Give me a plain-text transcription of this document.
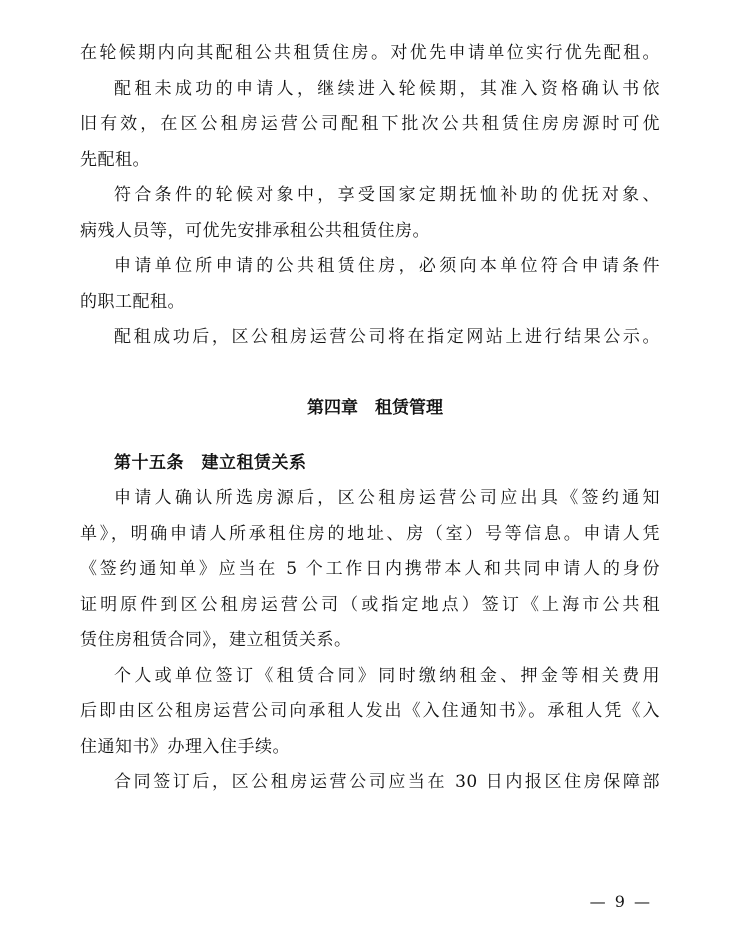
在轮候期内向其配租公共租赁住房。对优先申请单位实行优先配租。
配租未成功的申请人，继续进入轮候期，其准入资格确认书依
旧有效，在区公租房运营公司配租下批次公共租赁住房房源时可优
先配租。
符合条件的轮候对象中，享受国家定期抚恤补助的优抚对象、
病残人员等，可优先安排承租公共租赁住房。
申请单位所申请的公共租赁住房，必须向本单位符合申请条件
的职工配租。
配租成功后，区公租房运营公司将在指定网站上进行结果公示。
第四章　租赁管理
第十五条　建立租赁关系
申请人确认所选房源后，区公租房运营公司应出具《签约通知
单》，明确申请人所承租住房的地址、房（室）号等信息。申请人凭
《签约通知单》应当在 5 个工作日内携带本人和共同申请人的身份
证明原件到区公租房运营公司（或指定地点）签订《上海市公共租
赁住房租赁合同》，建立租赁关系。
个人或单位签订《租赁合同》同时缴纳租金、押金等相关费用
后即由区公租房运营公司向承租人发出《入住通知书》。承租人凭《入
住通知书》办理入住手续。
合同签订后，区公租房运营公司应当在 30 日内报区住房保障部
— 9 —
